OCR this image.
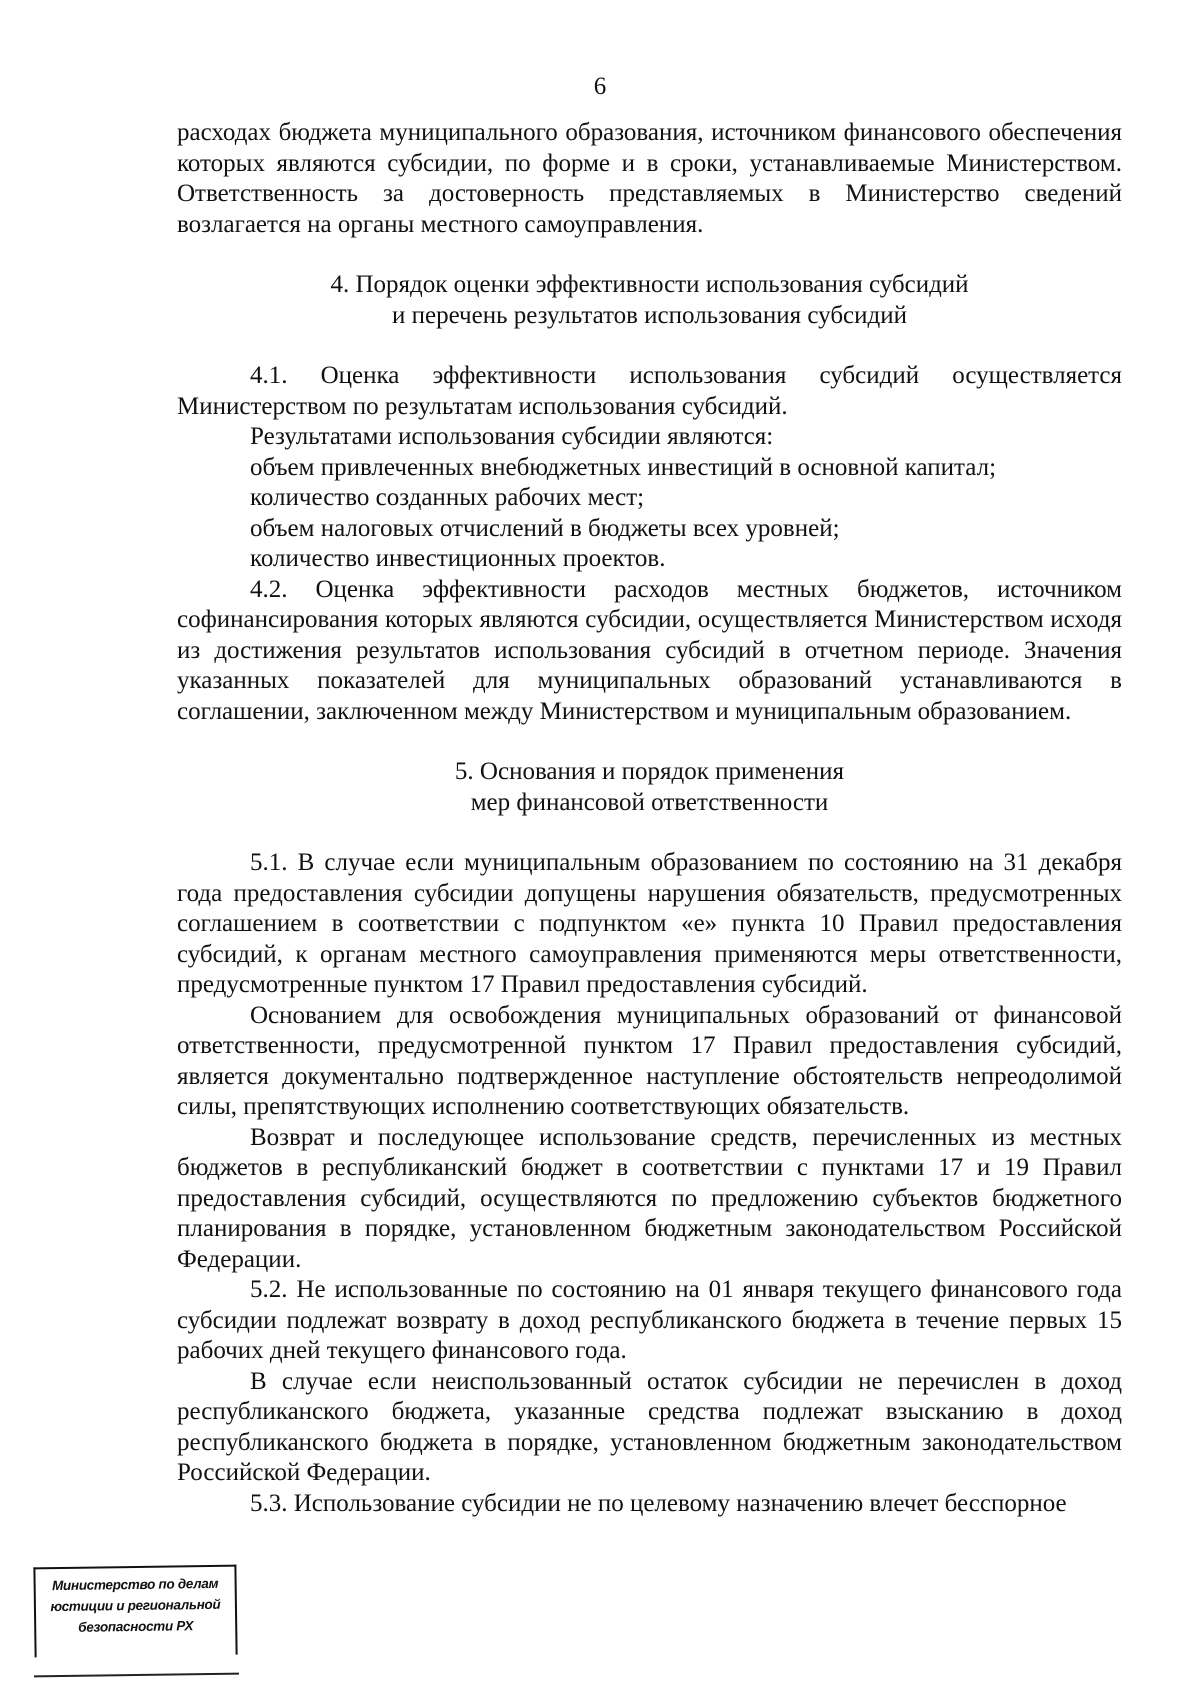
6

расходах бюджета муниципального образования, источником финансового обеспечения которых являются субсидии, по форме и в сроки, устанавливаемые Министерством. Ответственность за достоверность представляемых в Министерство сведений возлагается на органы местного самоуправления.

4. Порядок оценки эффективности использования субсидий

и перечень результатов использования субсидий

4.1. Оценка эффективности использования субсидий осуществляется Министерством по результатам использования субсидий.

Результатами использования субсидии являются:

объем привлеченных внебюджетных инвестиций в основной капитал;

количество созданных рабочих мест;

объем налоговых отчислений в бюджеты всех уровней;

количество инвестиционных проектов.

4.2. Оценка эффективности расходов местных бюджетов, источником софинансирования которых являются субсидии, осуществляется Министерством исходя из достижения результатов использования субсидий в отчетном периоде. Значения указанных показателей для муниципальных образований устанавливаются в соглашении, заключенном между Министерством и муниципальным образованием.

5. Основания и порядок применения

мер финансовой ответственности

5.1. В случае если муниципальным образованием по состоянию на 31 декабря года предоставления субсидии допущены нарушения обязательств, предусмотренных соглашением в соответствии с подпунктом «е» пункта 10 Правил предоставления субсидий, к органам местного самоуправления применяются меры ответственности, предусмотренные пунктом 17 Правил предоставления субсидий.

Основанием для освобождения муниципальных образований от финансовой ответственности, предусмотренной пунктом 17 Правил предоставления субсидий, является документально подтвержденное наступление обстоятельств непреодолимой силы, препятствующих исполнению соответствующих обязательств.

Возврат и последующее использование средств, перечисленных из местных бюджетов в республиканский бюджет в соответствии с пунктами 17 и 19 Правил предоставления субсидий, осуществляются по предложению субъектов бюджетного планирования в порядке, установленном бюджетным законодательством Российской Федерации.

5.2. Не использованные по состоянию на 01 января текущего финансового года субсидии подлежат возврату в доход республиканского бюджета в течение первых 15 рабочих дней текущего финансового года.

В случае если неиспользованный остаток субсидии не перечислен в доход республиканского бюджета, указанные средства подлежат взысканию в доход республиканского бюджета в порядке, установленном бюджетным законодательством Российской Федерации.

5.3. Использование субсидии не по целевому назначению влечет бесспорное

Министерство по делам
юстиции и региональной
безопасности РХ
